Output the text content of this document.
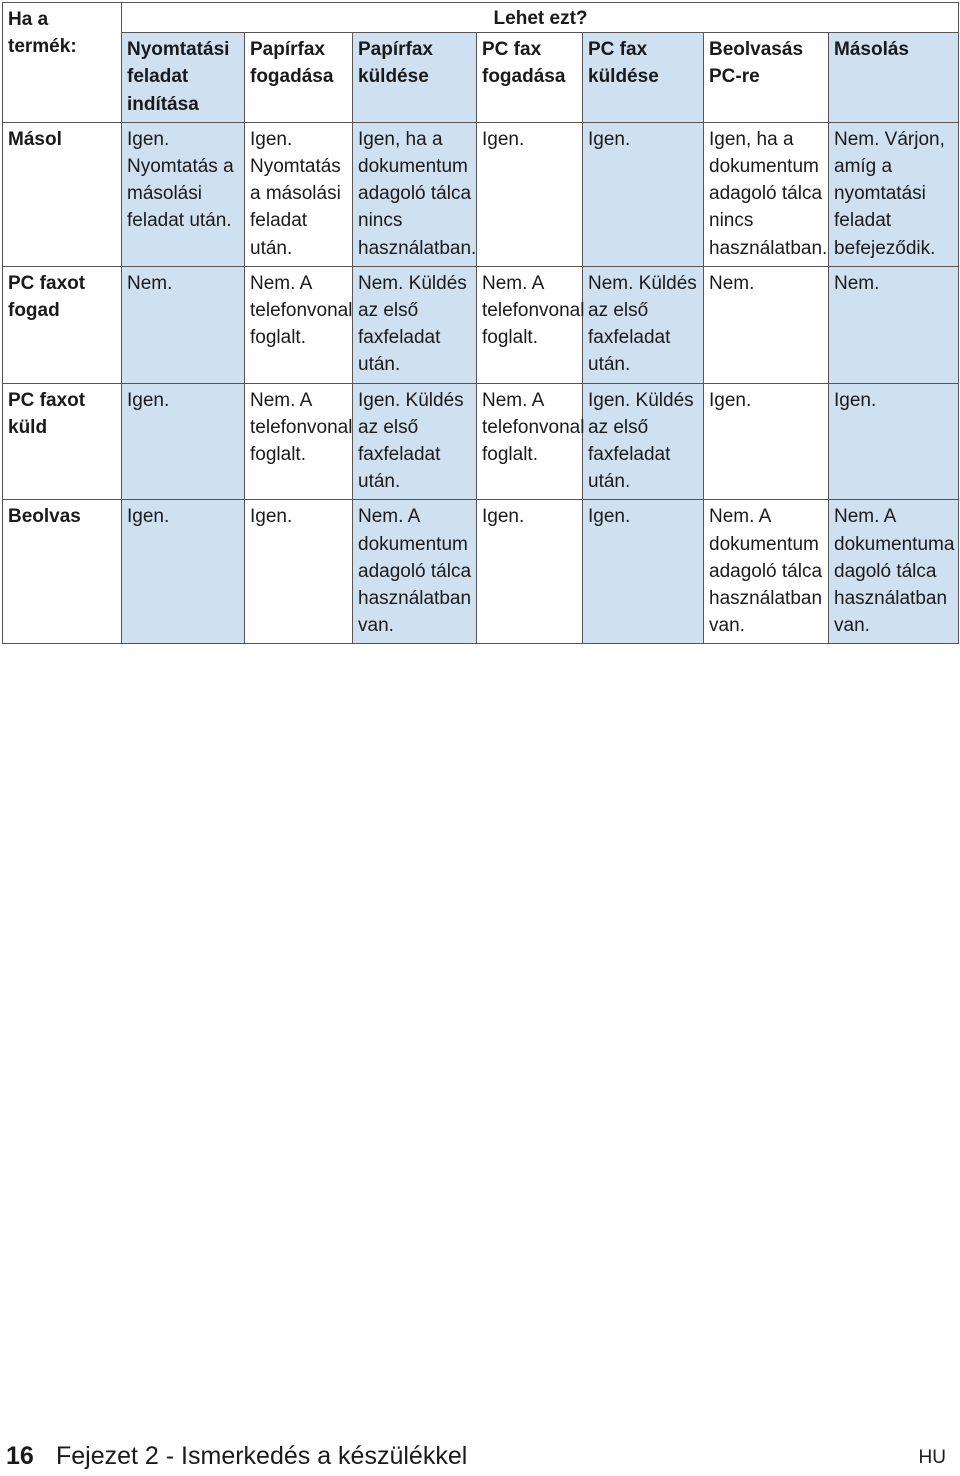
Ha a termék:	Lehet ezt?						
	Nyomtatási feladat indítása	Papírfax fogadása	Papírfax küldése	PC fax fogadása	PC fax küldése	Beolvasás PC-re	Másolás
Másol	Igen. Nyomtatás a másolási feladat után.	Igen. Nyomtatás a másolási feladat után.	Igen, ha a dokumentum adagoló tálca nincs használatban.	Igen.	Igen.	Igen, ha a dokumentum adagoló tálca nincs használatban.	Nem. Várjon, amíg a nyomtatási feladat befejeződik.
PC faxot fogad	Nem.	Nem. A telefonvonal foglalt.	Nem. Küldés az első faxfeladat után.	Nem. A telefonvonal foglalt.	Nem. Küldés az első faxfeladat után.	Nem.	Nem.
PC faxot küld	Igen.	Nem. A telefonvonal foglalt.	Igen. Küldés az első faxfeladat után.	Nem. A telefonvonal foglalt.	Igen. Küldés az első faxfeladat után.	Igen.	Igen.
Beolvas	Igen.	Igen.	Nem. A dokumentum adagoló tálca használatban van.	Igen.	Igen.	Nem. A dokumentum adagoló tálca használatban van.	Nem. A dokumentuma dagoló tálca használatban van.
16 Fejezet 2 - Ismerkedés a készülékkel	HU
